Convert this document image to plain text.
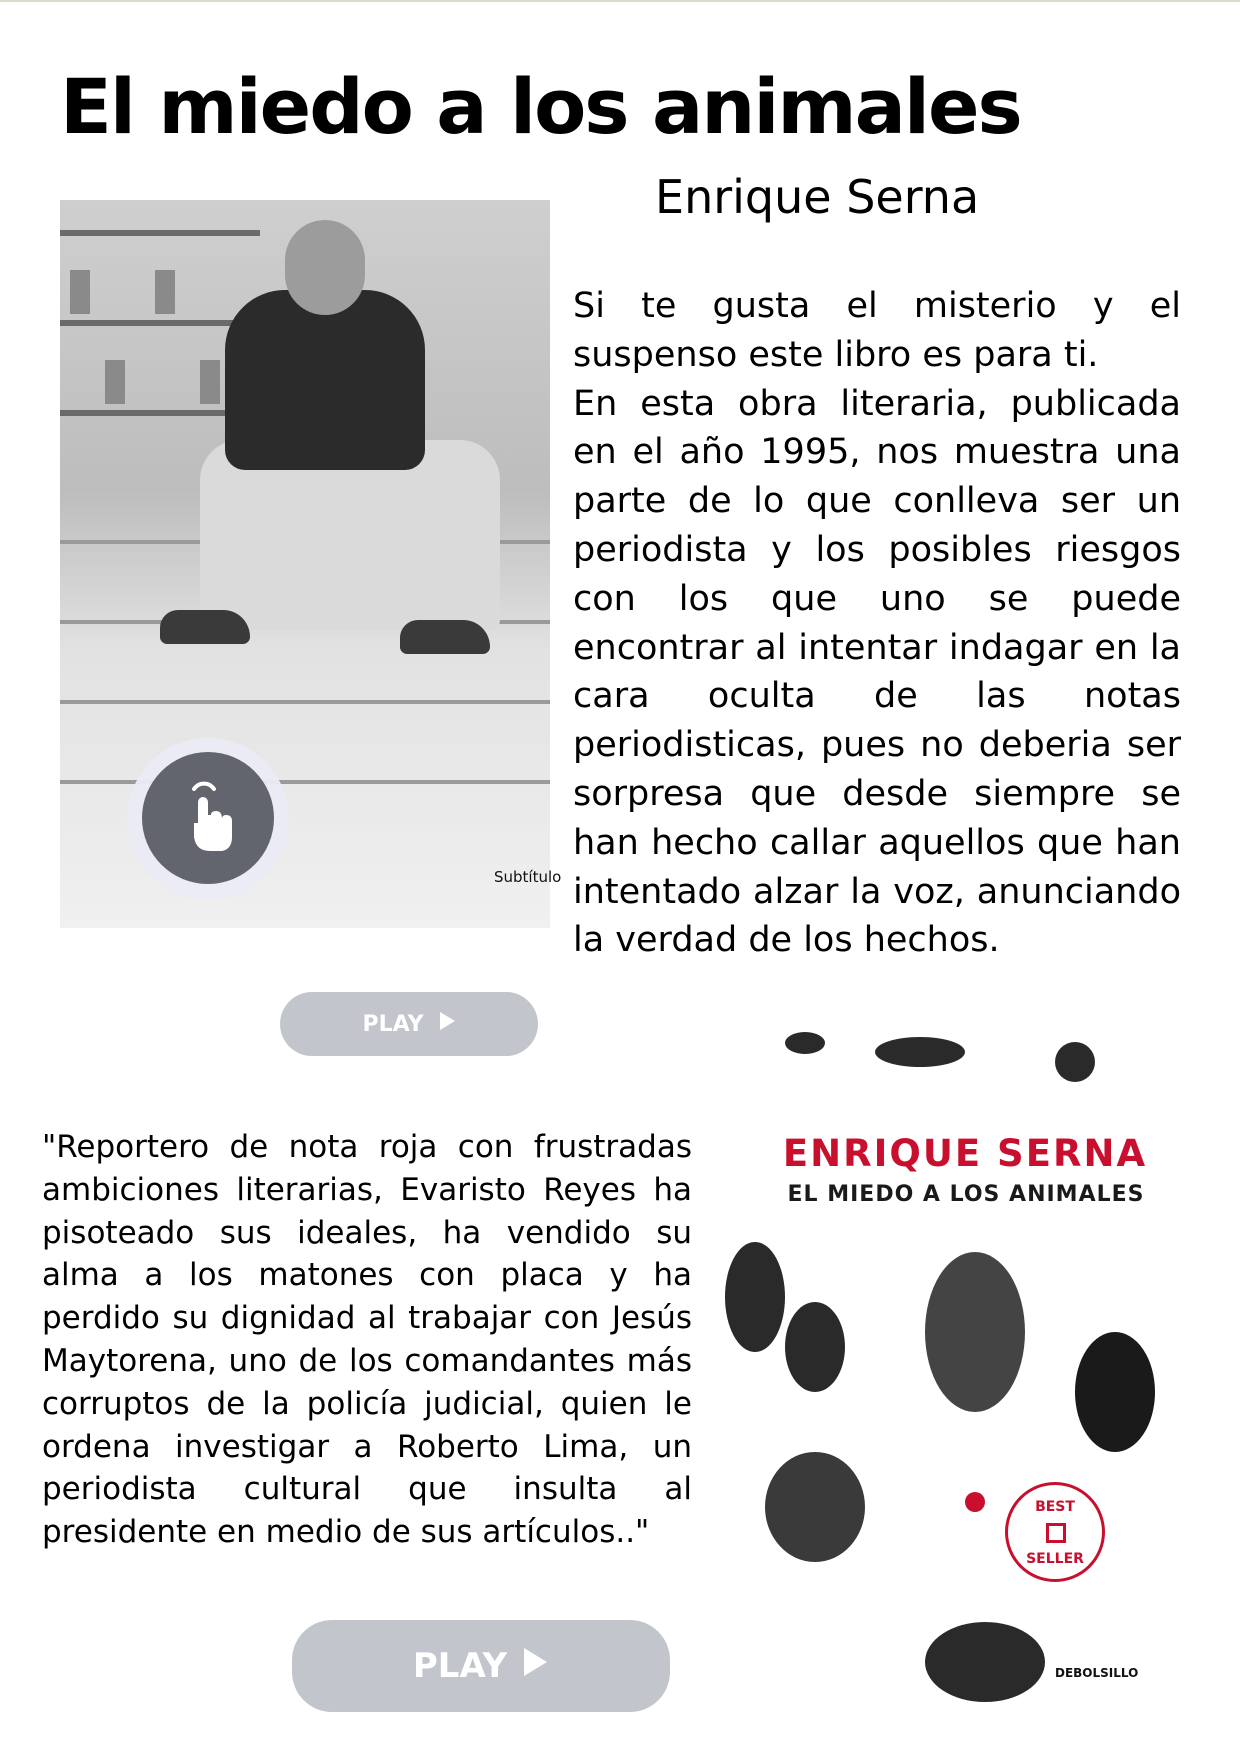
El miedo a los animales
Enrique Serna
Subtítulo

Si te gusta el misterio y el suspenso este libro es para ti.

En esta obra literaria, publicada en el año 1995, nos muestra una parte de lo que conlleva ser un periodista y los posibles riesgos con los que uno se puede encontrar al intentar indagar en la cara oculta de las notas periodisticas, pues no deberia ser sorpresa que desde siempre se han hecho callar aquellos que han intentado alzar la voz, anunciando la verdad de los hechos.

PLAY

"Reportero de nota roja con frustradas ambiciones literarias, Evaristo Reyes ha pisoteado sus ideales, ha vendido su alma a los matones con placa y ha perdido su dignidad al trabajar con Jesús Maytorena, uno de los comandantes más corruptos de la policía judicial, quien le ordena investigar a Roberto Lima, un periodista cultural que insulta al presidente en medio de sus artículos.."

ENRIQUE SERNA
EL MIEDO A LOS ANIMALES
BEST
SELLER
DEBOLSILLO
PLAY
